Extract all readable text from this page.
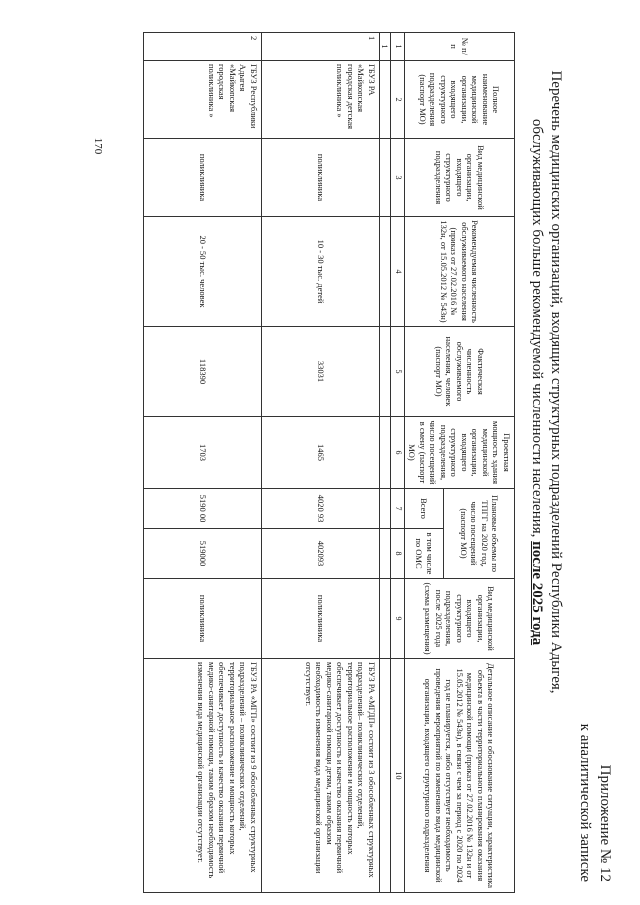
170
Приложение № 12
к аналитической записке
Перечень медицинских организаций, входящих структурных подразделений Республики Адыгея, обслуживающих больше рекомендуемой численности населения, после 2025 года
№ п/п	Полное наименование медицинской организации, входящего структурного подразделения (паспорт МО)	Вид медицинской организации, входящего структурного подразделения	Рекомендуемая численность обслуживаемого населения (приказ от 27.02.2016 № 132н, от 15.05.2012 № 543н)	Фактическая численность обслуживаемого населения, человек (паспорт МО)	Проектная мощность здания медицинской организации, входящего структурного подразделения, число посещений в смену (паспорт МО)	Плановые объемы по ТПГГ на 2020 год, число посещений (паспорт МО)		Вид медицинской организации, входящего структурного подразделения, после 2025 года (схема размещения)	Детальное описание и обоснование ситуации, характеристика объекта в части территориального планирования оказания медицинской помощи (приказ от 27.02.2016 № 132н и от 15.05.2012 № 543н), в связи с чем за период с 2020 по 2024 год не планируется, либо отсутствует необходимость проведения мероприятий по изменению вида медицинской организации, входящего структурного подразделения
						Всего	в том числе по ОМС		
1	2	3	4	5	6	7	8	9	10
1									
1	ГБУЗ РА «Майкопская городская детская поликлиника »	поликлиника	10 - 30 тыс. детей	33031	1465	4020 93	402093	поликлиника	ГБУЗ РА «МГДП» состоит из 3 обособленных структурных подразделений– поликлинических отделений, территориальное расположение и мощность которых обеспечивает доступность и качество оказания первичной медико-санитарной помощи детям, таким образом необходимость изменения вида медицинской организации отсутствует.
2	ГБУЗ Республики Адыгея «Майкопская городская поликлиника »	поликлиника	20 - 50 тыс. человек	118390	1703	5190 00	519000	поликлиника	ГБУЗ РА «МГП» состоит из 9 обособленных структурных подразделений – поликлинических отделений, территориальное расположение и мощность которых обеспечивает доступность и качество оказания первичной медико-санитарной помощи, таким образом необходимость изменения вида медицинской организации отсутствует.
